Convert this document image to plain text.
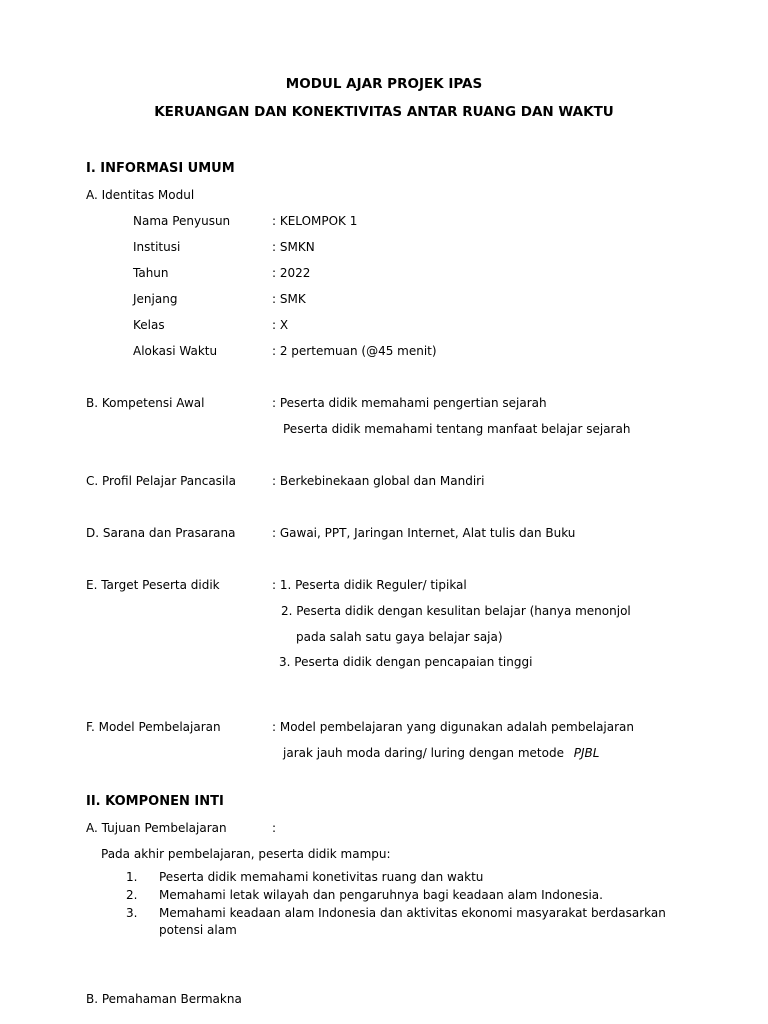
MODUL AJAR PROJEK IPAS
KERUANGAN DAN KONEKTIVITAS ANTAR RUANG DAN WAKTU
I. INFORMASI UMUM
A. Identitas Modul
Nama Penyusun	: KELOMPOK 1
Institusi	: SMKN
Tahun	: 2022
Jenjang	: SMK
Kelas	: X
Alokasi Waktu	: 2 pertemuan (@45 menit)
B. Kompetensi Awal	: Peserta didik memahami pengertian sejarah
Peserta didik memahami tentang manfaat belajar sejarah
C. Profil Pelajar Pancasila	: Berkebinekaan global dan Mandiri
D. Sarana dan Prasarana	: Gawai, PPT, Jaringan Internet, Alat tulis dan Buku
E. Target Peserta didik	: 1. Peserta didik Reguler/ tipikal
2. Peserta didik dengan kesulitan belajar (hanya menonjol
pada salah satu gaya belajar saja)
3. Peserta didik dengan pencapaian tinggi
F. Model Pembelajaran	: Model pembelajaran yang digunakan adalah pembelajaran
jarak jauh moda daring/ luring dengan metode PJBL
II. KOMPONEN INTI
A. Tujuan Pembelajaran	:
Pada akhir pembelajaran, peserta didik mampu:
1. Peserta didik memahami konetivitas ruang dan waktu
2. Memahami letak wilayah dan pengaruhnya bagi keadaan alam Indonesia.
3. Memahami keadaan alam Indonesia dan aktivitas ekonomi masyarakat berdasarkan
potensi alam
B. Pemahaman Bermakna
